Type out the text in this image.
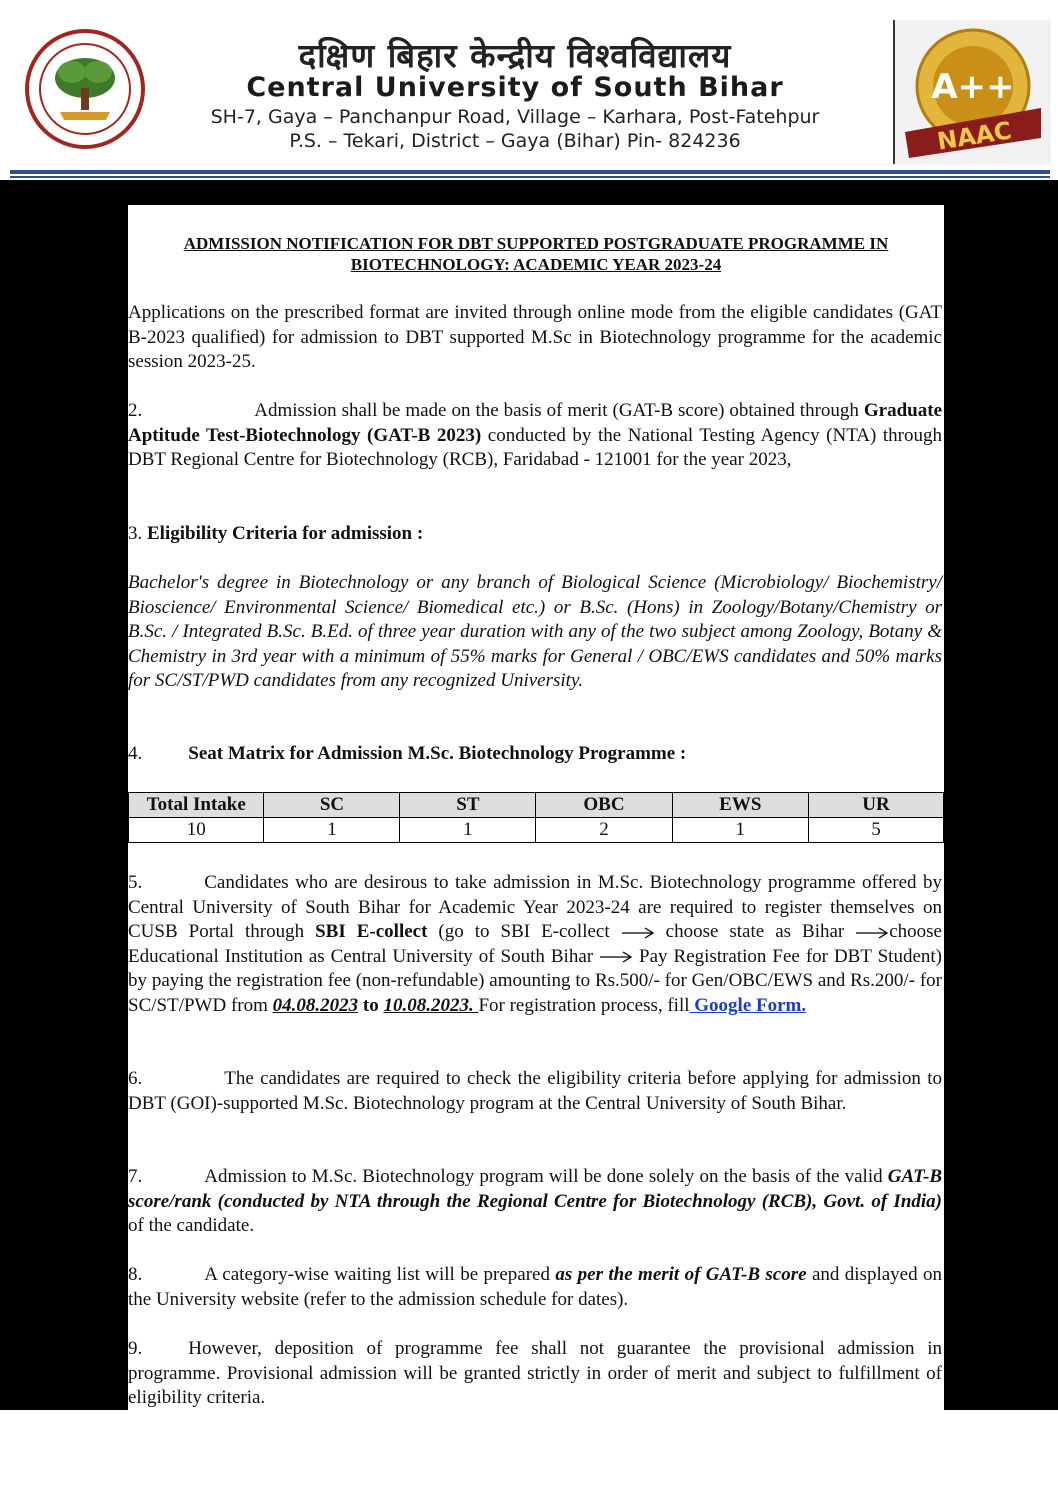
दक्षिण बिहार केन्द्रीय विश्वविद्यालय
Central University of South Bihar
SH-7, Gaya – Panchanpur Road, Village – Karhara, Post-Fatehpur
P.S. – Tekari, District – Gaya (Bihar) Pin- 824236
A++
NAAC
ADMISSION NOTIFICATION FOR DBT SUPPORTED POSTGRADUATE PROGRAMME IN
BIOTECHNOLOGY: ACADEMIC YEAR 2023-24
Applications on the prescribed format are invited through online mode from the eligible candidates (GAT B-2023 qualified) for admission to DBT supported M.Sc in Biotechnology programme for the academic session 2023-25.
2.	Admission shall be made on the basis of merit (GAT-B score) obtained through Graduate Aptitude Test-Biotechnology (GAT-B 2023) conducted by the National Testing Agency (NTA) through DBT Regional Centre for Biotechnology (RCB), Faridabad - 121001 for the year 2023,
3. Eligibility Criteria for admission :
Bachelor's degree in Biotechnology or any branch of Biological Science (Microbiology/ Biochemistry/ Bioscience/ Environmental Science/ Biomedical etc.) or B.Sc. (Hons) in Zoology/Botany/Chemistry or B.Sc. / Integrated B.Sc. B.Ed. of three year duration with any of the two subject among Zoology, Botany & Chemistry in 3rd year with a minimum of 55% marks for General / OBC/EWS candidates and 50% marks for SC/ST/PWD candidates from any recognized University.
4. Seat Matrix for Admission M.Sc. Biotechnology Programme :
Total Intake	SC	ST	OBC	EWS	UR
10	1	1	2	1	5
5.	Candidates who are desirous to take admission in M.Sc. Biotechnology programme offered by Central University of South Bihar for Academic Year 2023-24 are required to register themselves on CUSB Portal through SBI E-collect (go to SBI E-collect  choose state as Bihar choose Educational Institution as Central University of South Bihar  Pay Registration Fee for DBT Student) by paying the registration fee (non-refundable) amounting to Rs.500/- for Gen/OBC/EWS and Rs.200/- for SC/ST/PWD from 04.08.2023 to 10.08.2023. For registration process, fill Google Form.
6.	The candidates are required to check the eligibility criteria before applying for admission to DBT (GOI)-supported M.Sc. Biotechnology program at the Central University of South Bihar.
7.	Admission to M.Sc. Biotechnology program will be done solely on the basis of the valid GAT-B score/rank (conducted by NTA through the Regional Centre for Biotechnology (RCB), Govt. of India) of the candidate.
8.	A category-wise waiting list will be prepared as per the merit of GAT-B score and displayed on the University website (refer to the admission schedule for dates).
9. However, deposition of programme fee shall not guarantee the provisional admission in programme. Provisional admission will be granted strictly in order of merit and subject to fulfillment of eligibility criteria.
